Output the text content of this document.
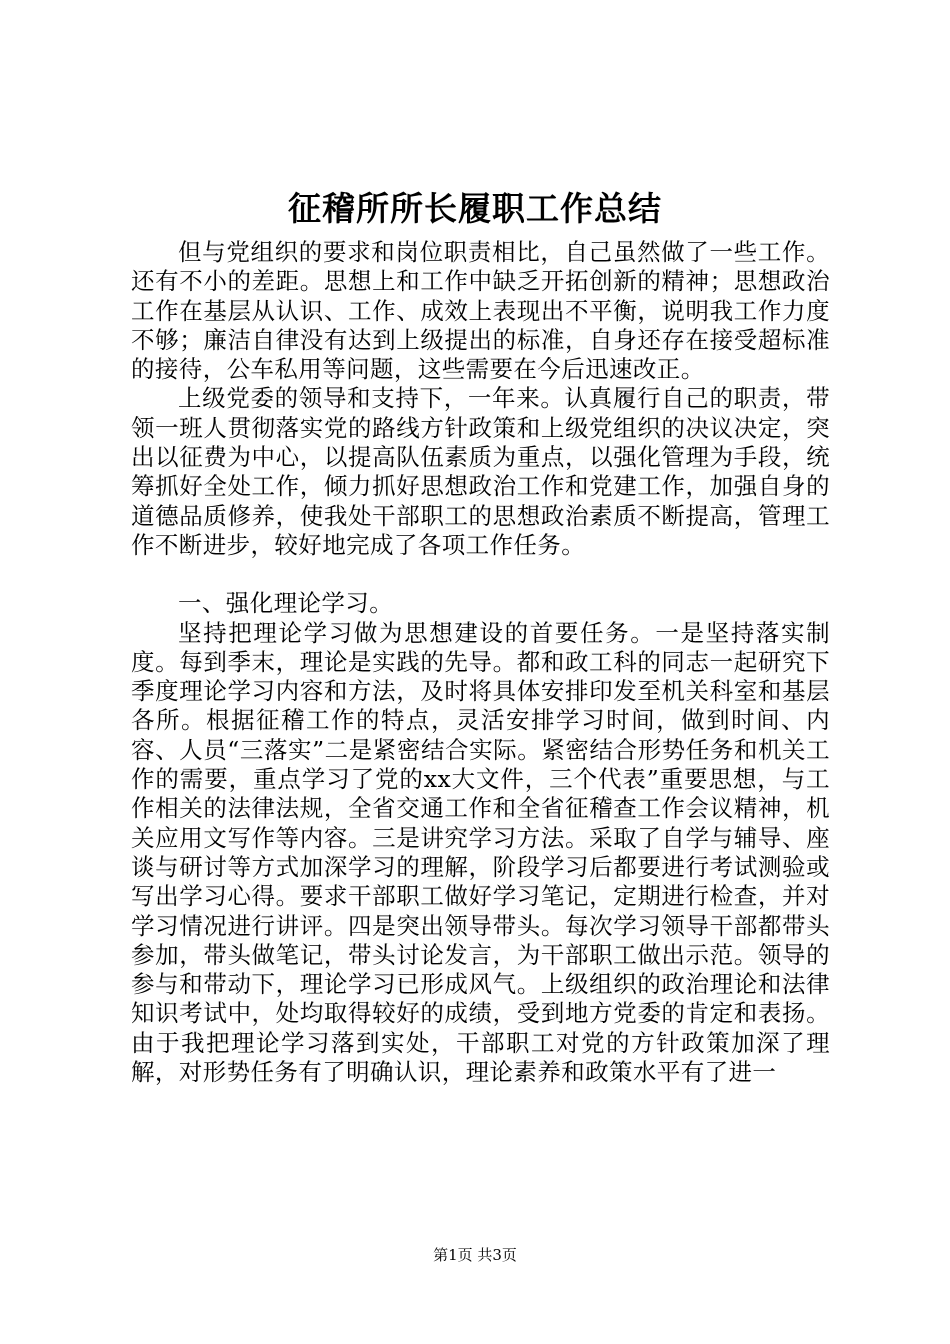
征稽所所长履职工作总结

但与党组织的要求和岗位职责相比，自己虽然做了一些工作。还有不小的差距。思想上和工作中缺乏开拓创新的精神；思想政治工作在基层从认识、工作、成效上表现出不平衡，说明我工作力度不够；廉洁自律没有达到上级提出的标准，自身还存在接受超标准的接待，公车私用等问题，这些需要在今后迅速改正。

上级党委的领导和支持下，一年来。认真履行自己的职责，带领一班人贯彻落实党的路线方针政策和上级党组织的决议决定，突出以征费为中心，以提高队伍素质为重点，以强化管理为手段，统筹抓好全处工作，倾力抓好思想政治工作和党建工作，加强自身的道德品质修养，使我处干部职工的思想政治素质不断提高，管理工作不断进步，较好地完成了各项工作任务。

一、强化理论学习。

坚持把理论学习做为思想建设的首要任务。一是坚持落实制度。每到季末，理论是实践的先导。都和政工科的同志一起研究下季度理论学习内容和方法，及时将具体安排印发至机关科室和基层各所。根据征稽工作的特点，灵活安排学习时间，做到时间、内容、人员“三落实”二是紧密结合实际。紧密结合形势任务和机关工作的需要，重点学习了党的xx大文件，三个代表”重要思想，与工作相关的法律法规，全省交通工作和全省征稽查工作会议精神，机关应用文写作等内容。三是讲究学习方法。采取了自学与辅导、座谈与研讨等方式加深学习的理解，阶段学习后都要进行考试测验或写出学习心得。要求干部职工做好学习笔记，定期进行检查，并对学习情况进行讲评。四是突出领导带头。每次学习领导干部都带头参加，带头做笔记，带头讨论发言，为干部职工做出示范。领导的参与和带动下，理论学习已形成风气。上级组织的政治理论和法律知识考试中，处均取得较好的成绩，受到地方党委的肯定和表扬。由于我把理论学习落到实处，干部职工对党的方针政策加深了理解，对形势任务有了明确认识，理论素养和政策水平有了进一

第1页 共3页
